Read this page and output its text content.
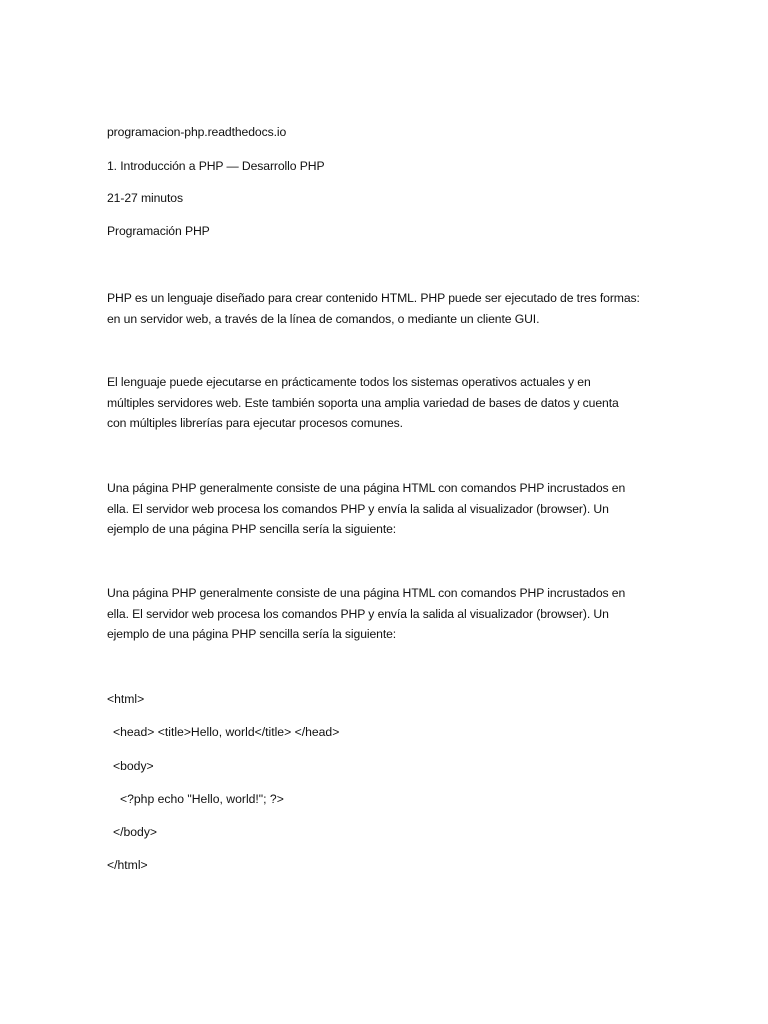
programacion-php.readthedocs.io

1. Introducción a PHP — Desarrollo PHP

21-27 minutos

Programación PHP

PHP es un lenguaje diseñado para crear contenido HTML. PHP puede ser ejecutado de tres formas:
en un servidor web, a través de la línea de comandos, o mediante un cliente GUI.
El lenguaje puede ejecutarse en prácticamente todos los sistemas operativos actuales y en
múltiples servidores web. Este también soporta una amplia variedad de bases de datos y cuenta
con múltiples librerías para ejecutar procesos comunes.
Una página PHP generalmente consiste de una página HTML con comandos PHP incrustados en
ella. El servidor web procesa los comandos PHP y envía la salida al visualizador (browser). Un
ejemplo de una página PHP sencilla sería la siguiente:
Una página PHP generalmente consiste de una página HTML con comandos PHP incrustados en
ella. El servidor web procesa los comandos PHP y envía la salida al visualizador (browser). Un
ejemplo de una página PHP sencilla sería la siguiente:

<html>

<head> <title>Hello, world</title> </head>

<body>

<?php echo "Hello, world!"; ?>

</body>

</html>
